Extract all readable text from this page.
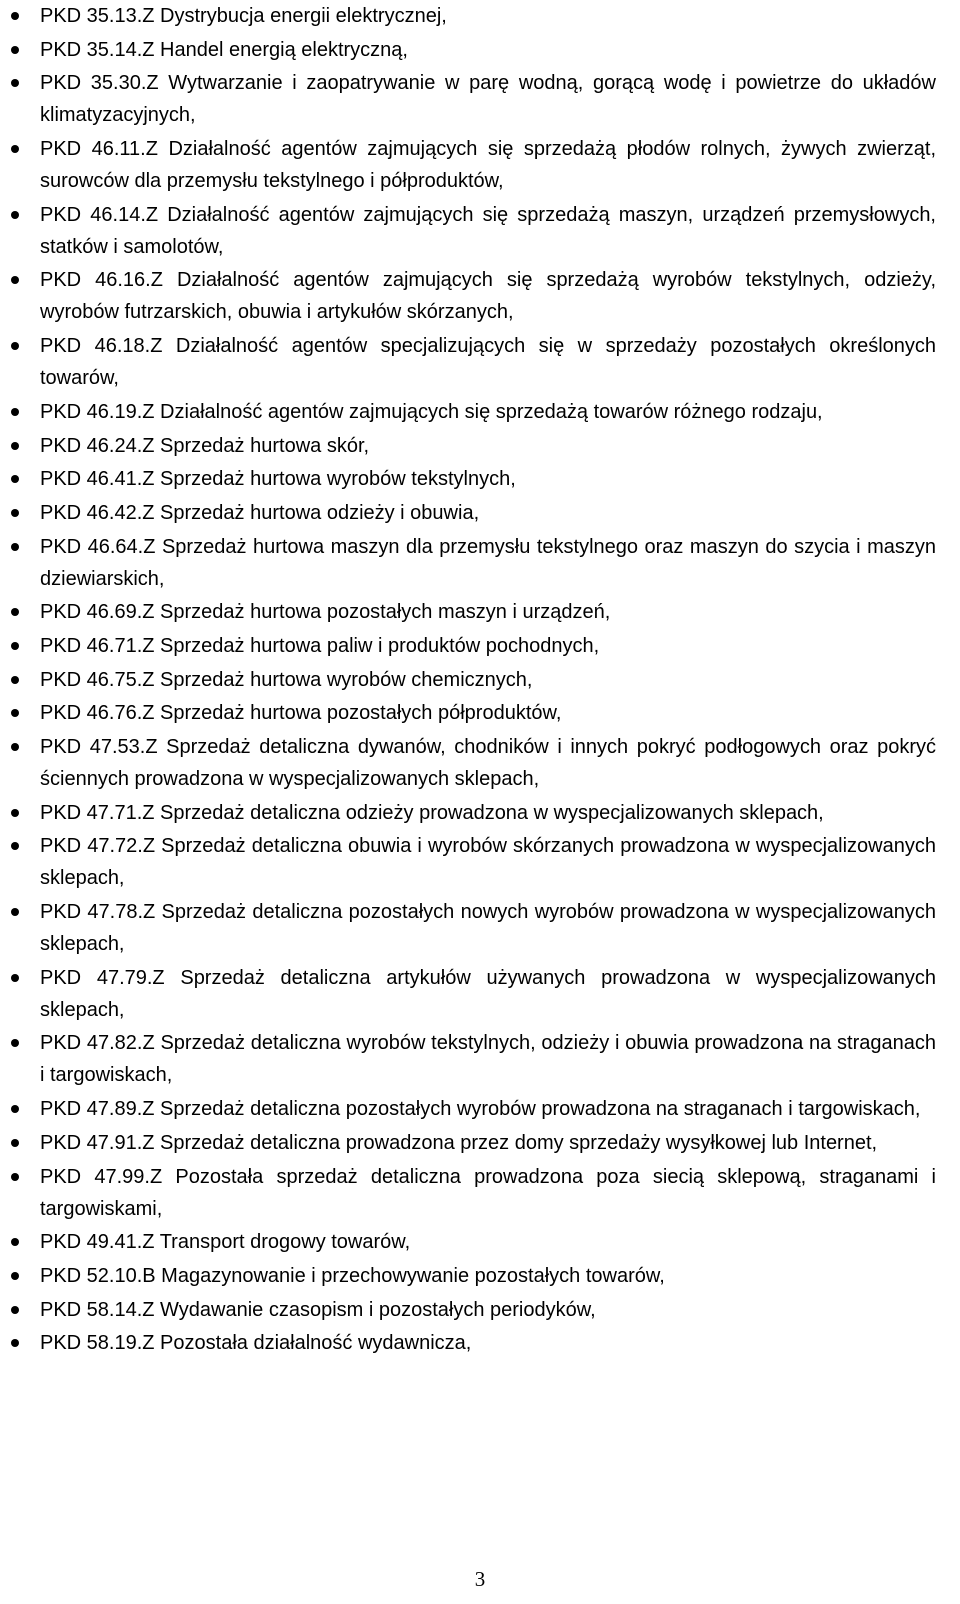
PKD 35.13.Z Dystrybucja energii elektrycznej,
PKD 35.14.Z Handel energią elektryczną,
PKD 35.30.Z Wytwarzanie i zaopatrywanie w parę wodną, gorącą wodę i powietrze do układów klimatyzacyjnych,
PKD 46.11.Z Działalność agentów zajmujących się sprzedażą płodów rolnych, żywych zwierząt, surowców dla przemysłu tekstylnego i półproduktów,
PKD 46.14.Z Działalność agentów zajmujących się sprzedażą maszyn, urządzeń przemysłowych, statków i samolotów,
PKD 46.16.Z Działalność agentów zajmujących się sprzedażą wyrobów tekstylnych, odzieży, wyrobów futrzarskich, obuwia i artykułów skórzanych,
PKD 46.18.Z Działalność agentów specjalizujących się w sprzedaży pozostałych określonych towarów,
PKD 46.19.Z Działalność agentów zajmujących się sprzedażą towarów różnego rodzaju,
PKD 46.24.Z Sprzedaż hurtowa skór,
PKD 46.41.Z Sprzedaż hurtowa wyrobów tekstylnych,
PKD 46.42.Z Sprzedaż hurtowa odzieży i obuwia,
PKD 46.64.Z Sprzedaż hurtowa maszyn dla przemysłu tekstylnego oraz maszyn do szycia i maszyn dziewiarskich,
PKD 46.69.Z Sprzedaż hurtowa pozostałych maszyn i urządzeń,
PKD 46.71.Z Sprzedaż hurtowa paliw i produktów pochodnych,
PKD 46.75.Z Sprzedaż hurtowa wyrobów chemicznych,
PKD 46.76.Z Sprzedaż hurtowa pozostałych półproduktów,
PKD 47.53.Z Sprzedaż detaliczna dywanów, chodników i innych pokryć podłogowych oraz pokryć ściennych prowadzona w wyspecjalizowanych sklepach,
PKD 47.71.Z Sprzedaż detaliczna odzieży prowadzona w wyspecjalizowanych sklepach,
PKD 47.72.Z Sprzedaż detaliczna obuwia i wyrobów skórzanych prowadzona w wyspecjalizowanych sklepach,
PKD 47.78.Z Sprzedaż detaliczna pozostałych nowych wyrobów prowadzona w wyspecjalizowanych sklepach,
PKD 47.79.Z Sprzedaż detaliczna artykułów używanych prowadzona w wyspecjalizowanych sklepach,
PKD 47.82.Z Sprzedaż detaliczna wyrobów tekstylnych, odzieży i obuwia prowadzona na straganach i targowiskach,
PKD 47.89.Z Sprzedaż detaliczna pozostałych wyrobów prowadzona na straganach i targowiskach,
PKD 47.91.Z Sprzedaż detaliczna prowadzona przez domy sprzedaży wysyłkowej lub Internet,
PKD 47.99.Z Pozostała sprzedaż detaliczna prowadzona poza siecią sklepową, straganami i targowiskami,
PKD 49.41.Z Transport drogowy towarów,
PKD 52.10.B Magazynowanie i przechowywanie pozostałych towarów,
PKD 58.14.Z Wydawanie czasopism i pozostałych periodyków,
PKD 58.19.Z Pozostała działalność wydawnicza,
3
